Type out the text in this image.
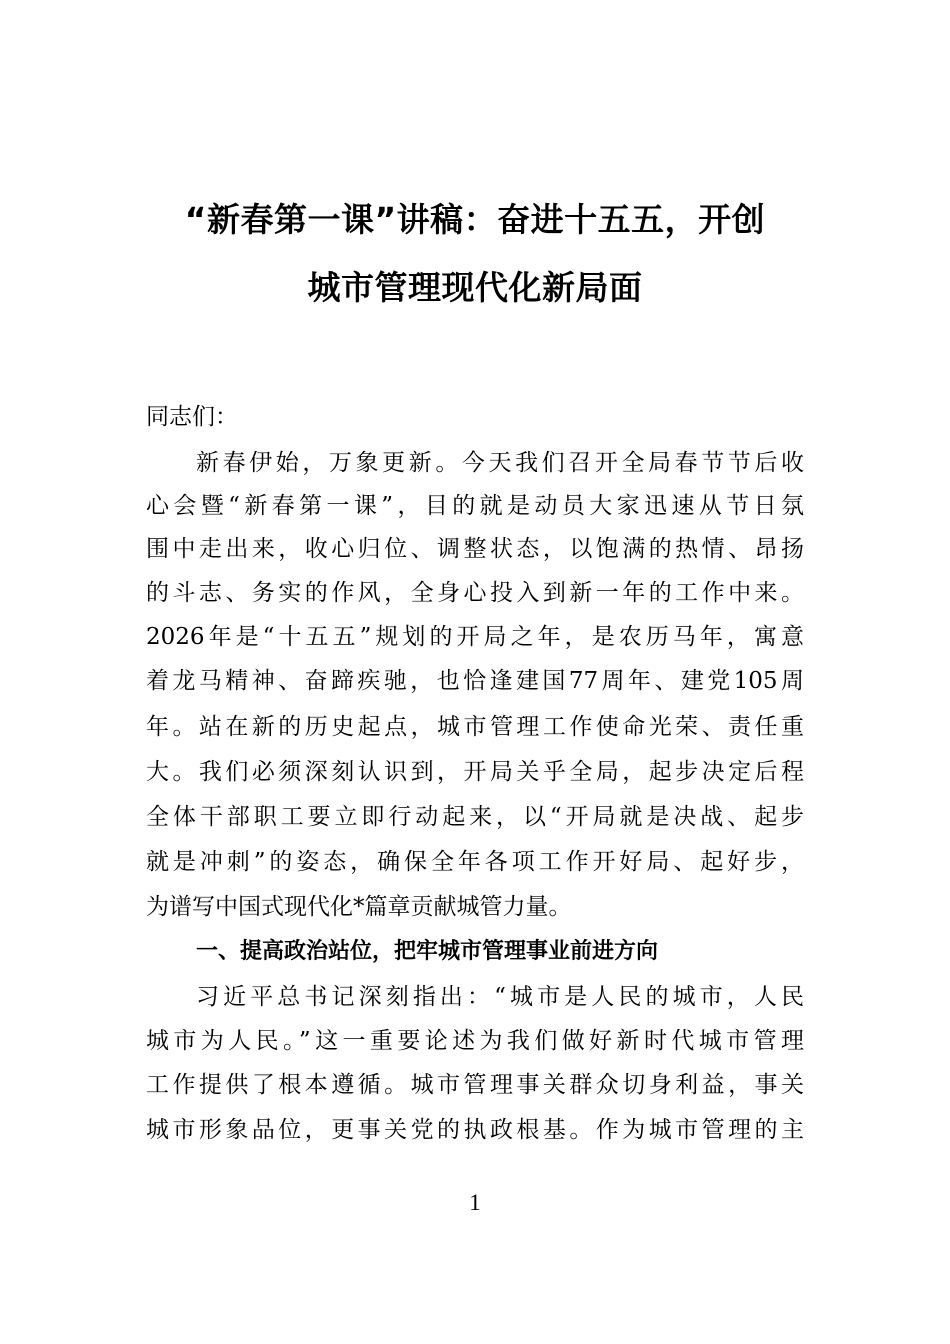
“新春第一课”讲稿：奋进十五五，开创
城市管理现代化新局面
同志们：
新春伊始，万象更新。今天我们召开全局春节节后收
心会暨“新春第一课”，目的就是动员大家迅速从节日氛
围中走出来，收心归位、调整状态，以饱满的热情、昂扬
的斗志、务实的作风，全身心投入到新一年的工作中来。
2026年是“十五五”规划的开局之年，是农历马年，寓意
着龙马精神、奋蹄疾驰，也恰逢建国77周年、建党105周
年。站在新的历史起点，城市管理工作使命光荣、责任重
大。我们必须深刻认识到，开局关乎全局，起步决定后程
全体干部职工要立即行动起来，以“开局就是决战、起步
就是冲刺”的姿态，确保全年各项工作开好局、起好步，
为谱写中国式现代化*篇章贡献城管力量。
一、提高政治站位，把牢城市管理事业前进方向
习近平总书记深刻指出：“城市是人民的城市，人民
城市为人民。”这一重要论述为我们做好新时代城市管理
工作提供了根本遵循。城市管理事关群众切身利益，事关
城市形象品位，更事关党的执政根基。作为城市管理的主
1
